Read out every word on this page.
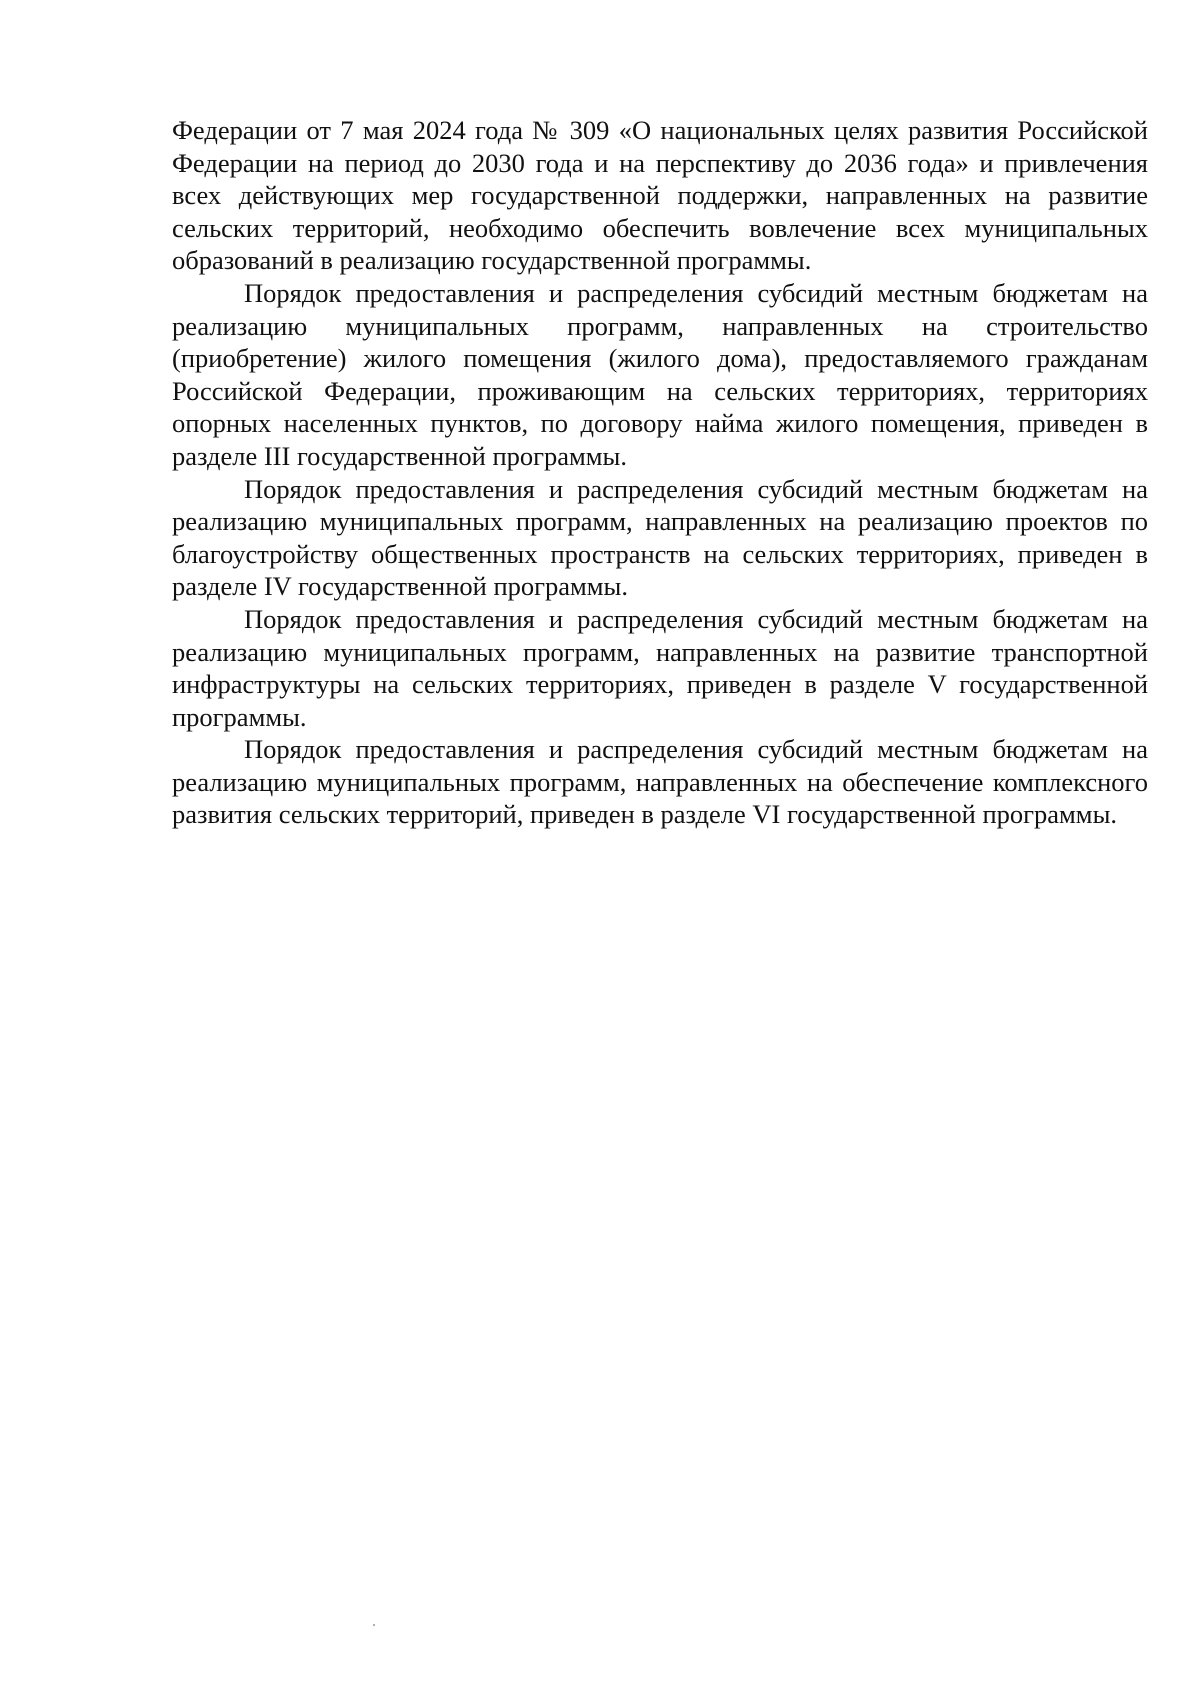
Федерации от 7 мая 2024 года № 309 «О национальных целях развития Российской Федерации на период до 2030 года и на перспективу до 2036 года» и привлечения всех действующих мер государственной поддержки, направленных на развитие сельских территорий, необходимо обеспечить вовлечение всех муниципальных образований в реализацию государственной программы.

Порядок предоставления и распределения субсидий местным бюджетам на реализацию муниципальных программ, направленных на строительство (приобретение) жилого помещения (жилого дома), предоставляемого гражданам Российской Федерации, проживающим на сельских территориях, территориях опорных населенных пунктов, по договору найма жилого помещения, приведен в разделе III государственной программы.

Порядок предоставления и распределения субсидий местным бюджетам на реализацию муниципальных программ, направленных на реализацию проектов по благоустройству общественных пространств на сельских территориях, приведен в разделе IV государственной программы.

Порядок предоставления и распределения субсидий местным бюджетам на реализацию муниципальных программ, направленных на развитие транспортной инфраструктуры на сельских территориях, приведен в разделе V государственной программы.

Порядок предоставления и распределения субсидий местным бюджетам на реализацию муниципальных программ, направленных на обеспечение комплексного развития сельских территорий, приведен в разделе VI государственной программы.
